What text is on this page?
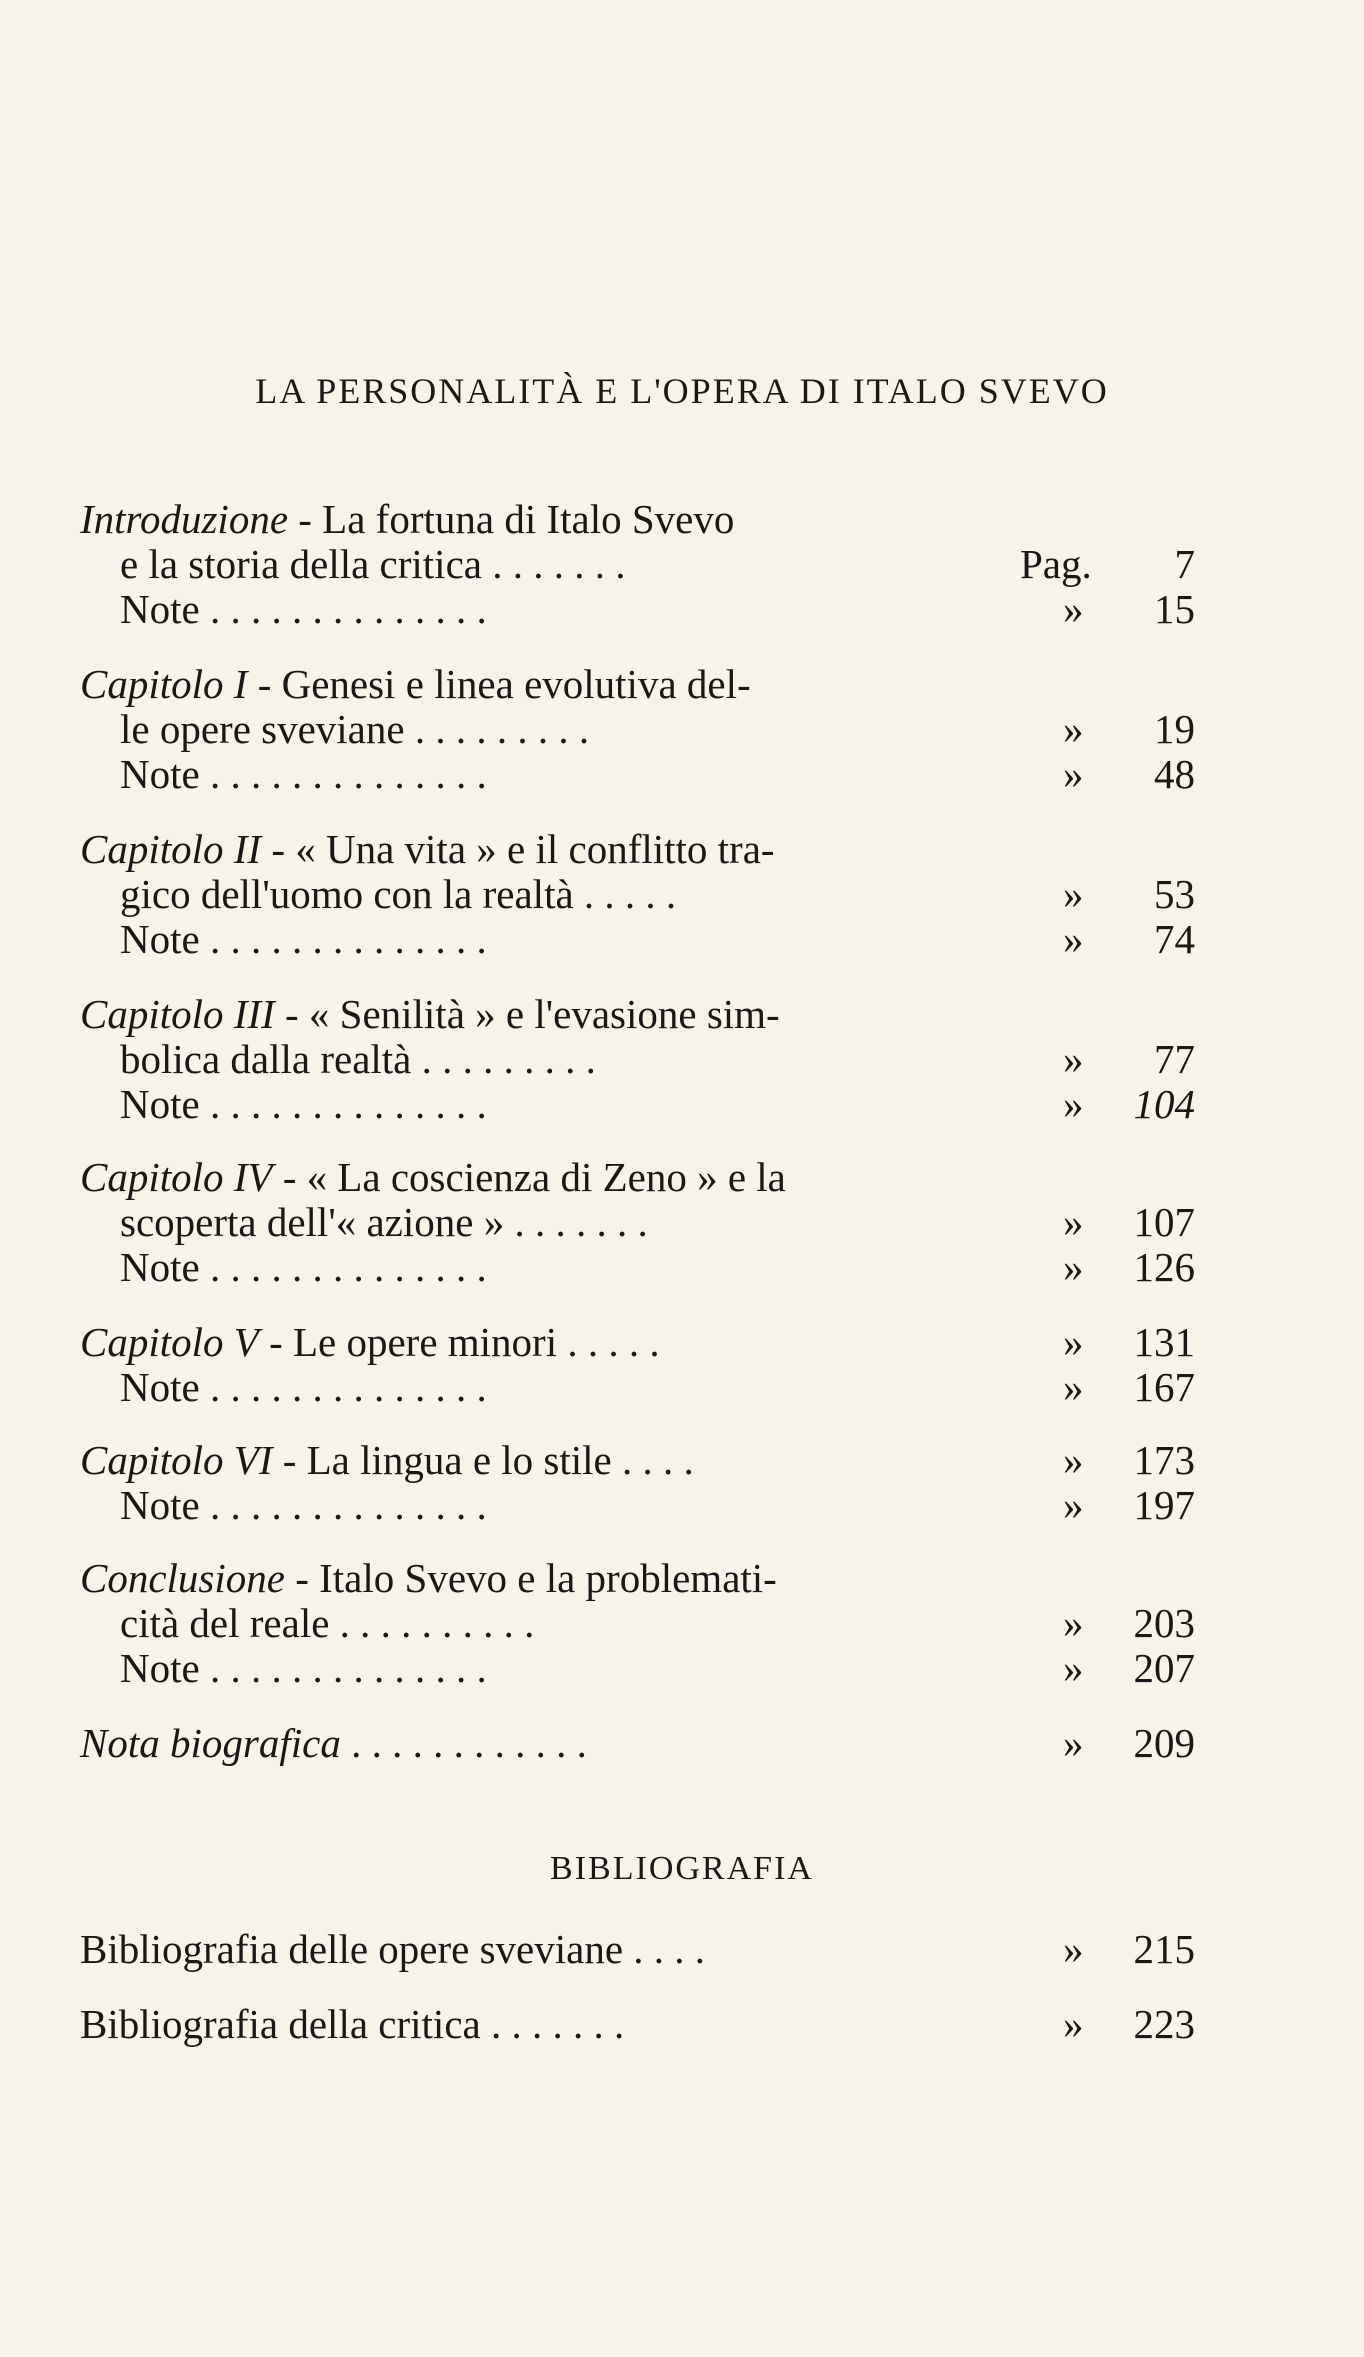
LA PERSONALITÀ E L'OPERA DI ITALO SVEVO
Introduzione - La fortuna di Italo Svevo
e la storia della critica . . . . . . .	Pag.	7
Note . . . . . . . . . . . . . .	»	15
Capitolo I - Genesi e linea evolutiva del-
le opere sveviane . . . . . . . . .	»	19
Note . . . . . . . . . . . . . .	»	48
Capitolo II - « Una vita » e il conflitto tra-
gico dell'uomo con la realtà . . . . .	»	53
Note . . . . . . . . . . . . . .	»	74
Capitolo III - « Senilità » e l'evasione sim-
bolica dalla realtà . . . . . . . . .	»	77
Note . . . . . . . . . . . . . .	»	104
Capitolo IV - « La coscienza di Zeno » e la
scoperta dell'« azione » . . . . . . .	»	107
Note . . . . . . . . . . . . . .	»	126
Capitolo V - Le opere minori . . . . .	»	131
Note . . . . . . . . . . . . . .	»	167
Capitolo VI - La lingua e lo stile . . . .	»	173
Note . . . . . . . . . . . . . .	»	197
Conclusione - Italo Svevo e la problemati-
cità del reale . . . . . . . . . .	»	203
Note . . . . . . . . . . . . . .	»	207
Nota biografica . . . . . . . . . . . .	»	209
BIBLIOGRAFIA
Bibliografia delle opere sveviane . . . .	»	215
Bibliografia della critica . . . . . . .	»	223
